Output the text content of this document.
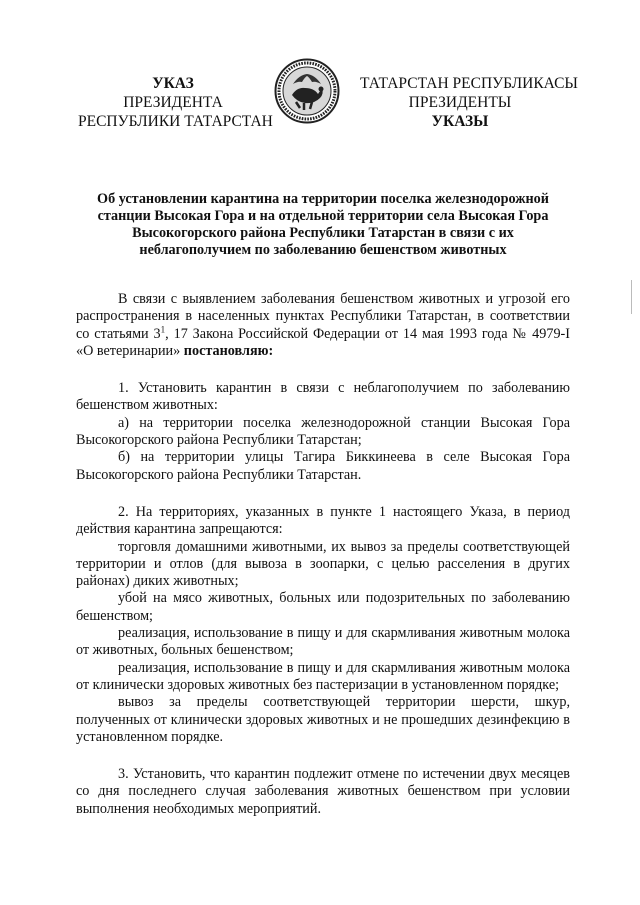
УКАЗ
ПРЕЗИДЕНТА
РЕСПУБЛИКИ ТАТАРСТАН
ТАТАРСТАН РЕСПУБЛИКАСЫ
ПРЕЗИДЕНТЫ
УКАЗЫ
Об установлении карантина на территории поселка железнодорожной станции Высокая Гора и на отдельной территории села Высокая Гора Высокогорского района Республики Татарстан в связи с их неблагополучием по заболеванию бешенством животных

В связи с выявлением заболевания бешенством животных и угрозой его распространения в населенных пунктах Республики Татарстан, в соответствии со статьями $3^1$, 17 Закона Российской Федерации от 14 мая 1993 года № 4979-I «О ветеринарии» постановляю:

1. Установить карантин в связи с неблагополучием по заболеванию бешенством животных:

а) на территории поселка железнодорожной станции Высокая Гора Высокогорского района Республики Татарстан;

б) на территории улицы Тагира Биккинеева в селе Высокая Гора Высокогорского района Республики Татарстан.

2. На территориях, указанных в пункте 1 настоящего Указа, в период действия карантина запрещаются:

торговля домашними животными, их вывоз за пределы соответствующей территории и отлов (для вывоза в зоопарки, с целью расселения в других районах) диких животных;

убой на мясо животных, больных или подозрительных по заболеванию бешенством;

реализация, использование в пищу и для скармливания животным молока от животных, больных бешенством;

реализация, использование в пищу и для скармливания животным молока от клинически здоровых животных без пастеризации в установленном порядке;

вывоз за пределы соответствующей территории шерсти, шкур, полученных от клинически здоровых животных и не прошедших дезинфекцию в установленном порядке.

3. Установить, что карантин подлежит отмене по истечении двух месяцев со дня последнего случая заболевания животных бешенством при условии выполнения необходимых мероприятий.
